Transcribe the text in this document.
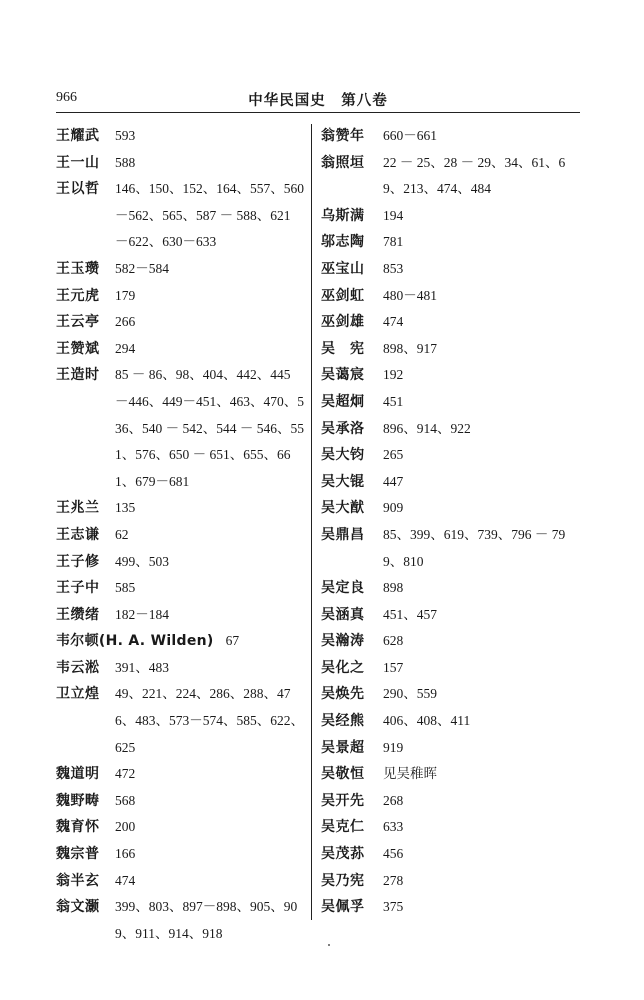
966	中华民国史　第八卷
王耀武 593
王一山 588
王以哲 146、150、152、164、557、560－562、565、587 － 588、621 －622、630－633
王玉瓒 582－584
王元虎 179
王云亭 266
王赞斌 294
王造时 85 － 86、98、404、442、445 －446、449－451、463、470、536、540 － 542、544 － 546、551、576、650 － 651、655、661、679－681
王兆兰 135
王志谦 62
王子修 499、503
王子中 585
王缵绪 182－184
韦尔顿(H. A. Wilden) 67
韦云淞 391、483
卫立煌 49、221、224、286、288、476、483、573－574、585、622、625
魏道明 472
魏野畴 568
魏育怀 200
魏宗普 166
翁半玄 474
翁文灏 399、803、897－898、905、909、911、914、918
翁赞年 660－661
翁照垣 22 － 25、28 － 29、34、61、69、213、474、484
乌斯满 194
邬志陶 781
巫宝山 853
巫剑虹 480－481
巫剑雄 474
吴　宪 898、917
吴蔼宸 192
吴超炯 451
吴承洛 896、914、922
吴大钧 265
吴大锟 447
吴大猷 909
吴鼎昌 85、399、619、739、796 － 799、810
吴定良 898
吴涵真 451、457
吴瀚涛 628
吴化之 157
吴焕先 290、559
吴经熊 406、408、411
吴景超 919
吴敬恒 见吴稚晖
吴开先 268
吴克仁 633
吴茂荪 456
吴乃宪 278
吴佩孚 375
